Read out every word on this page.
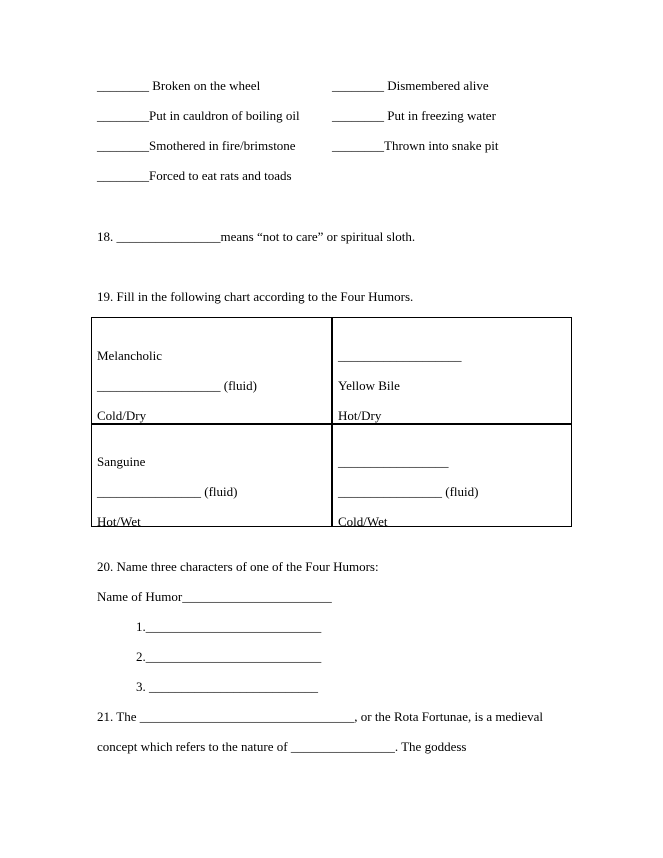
________ Broken on the wheel	________ Dismembered alive
________Put in cauldron of boiling oil ________ Put in freezing water
________Smothered in fire/brimstone	________Thrown into snake pit
________Forced to eat rats and toads
18. ________________means “not to care” or spiritual sloth.
19. Fill in the following chart according to the Four Humors.
Melancholic
___________________ (fluid)
Cold/Dry
___________________
Yellow Bile
Hot/Dry
Sanguine
________________ (fluid)
Hot/Wet
_________________
________________ (fluid)
Cold/Wet
20. Name three characters of one of the Four Humors:
Name of Humor_______________________
1.___________________________
2.___________________________
3. __________________________
21. The _________________________________, or the Rota Fortunae, is a medieval
concept which refers to the nature of ________________. The goddess
